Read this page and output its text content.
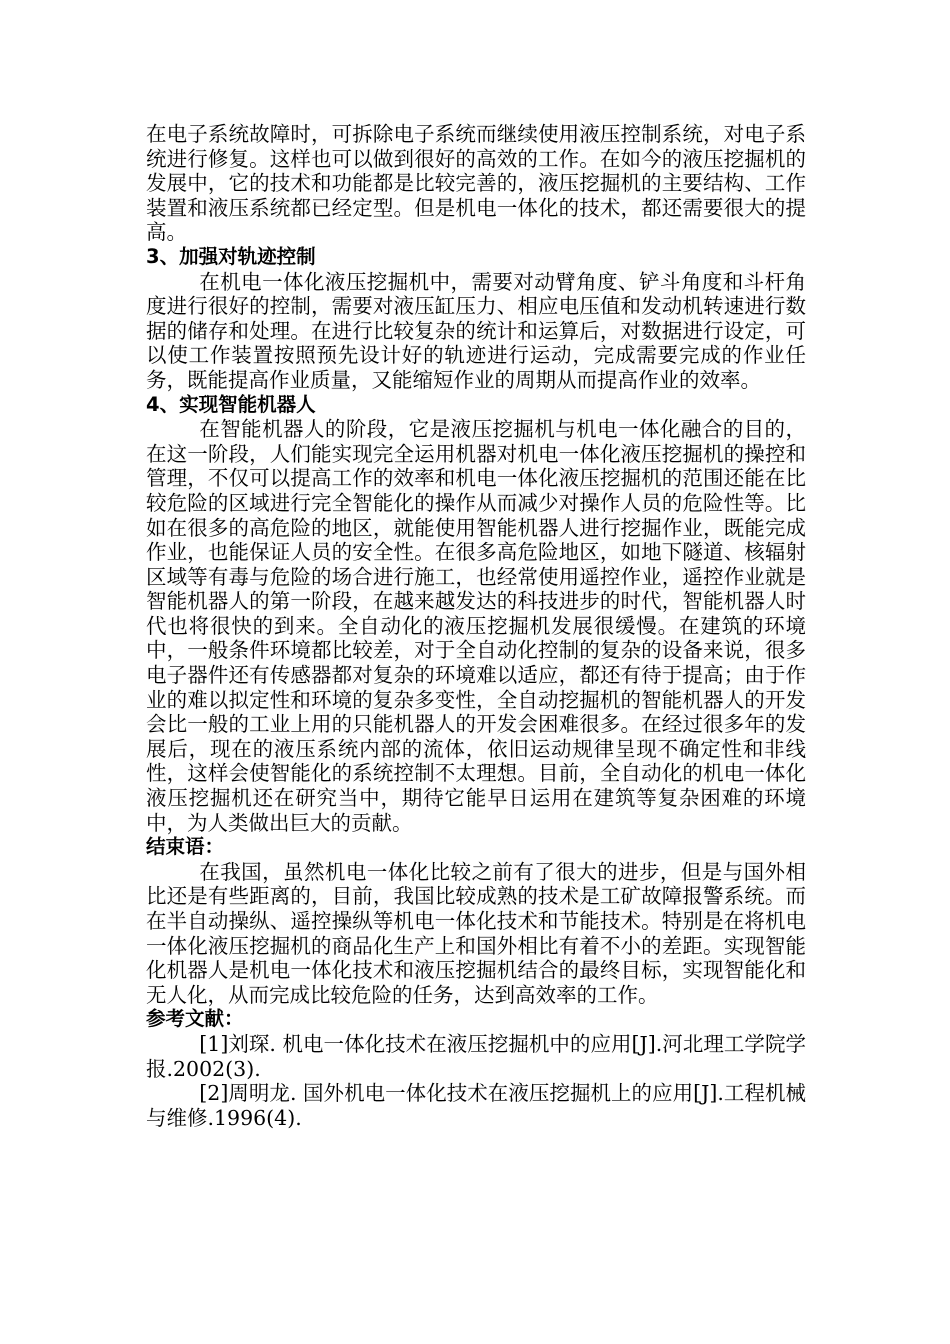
在电子系统故障时，可拆除电子系统而继续使用液压控制系统，对电子系统进行修复。这样也可以做到很好的高效的工作。在如今的液压挖掘机的发展中，它的技术和功能都是比较完善的，液压挖掘机的主要结构、工作装置和液压系统都已经定型。但是机电一体化的技术，都还需要很大的提高。

3、加强对轨迹控制

在机电一体化液压挖掘机中，需要对动臂角度、铲斗角度和斗杆角度进行很好的控制，需要对液压缸压力、相应电压值和发动机转速进行数据的储存和处理。在进行比较复杂的统计和运算后，对数据进行设定，可以使工作装置按照预先设计好的轨迹进行运动，完成需要完成的作业任务，既能提高作业质量，又能缩短作业的周期从而提高作业的效率。

4、实现智能机器人

在智能机器人的阶段，它是液压挖掘机与机电一体化融合的目的，在这一阶段，人们能实现完全运用机器对机电一体化液压挖掘机的操控和管理，不仅可以提高工作的效率和机电一体化液压挖掘机的范围还能在比较危险的区域进行完全智能化的操作从而减少对操作人员的危险性等。比如在很多的高危险的地区，就能使用智能机器人进行挖掘作业，既能完成作业，也能保证人员的安全性。在很多高危险地区，如地下隧道、核辐射区域等有毒与危险的场合进行施工，也经常使用遥控作业，遥控作业就是智能机器人的第一阶段，在越来越发达的科技进步的时代，智能机器人时代也将很快的到来。全自动化的液压挖掘机发展很缓慢。在建筑的环境中，一般条件环境都比较差，对于全自动化控制的复杂的设备来说，很多电子器件还有传感器都对复杂的环境难以适应，都还有待于提高；由于作业的难以拟定性和环境的复杂多变性，全自动挖掘机的智能机器人的开发会比一般的工业上用的只能机器人的开发会困难很多。在经过很多年的发展后，现在的液压系统内部的流体，依旧运动规律呈现不确定性和非线性，这样会使智能化的系统控制不太理想。目前，全自动化的机电一体化液压挖掘机还在研究当中，期待它能早日运用在建筑等复杂困难的环境中，为人类做出巨大的贡献。

结束语：

在我国，虽然机电一体化比较之前有了很大的进步，但是与国外相比还是有些距离的，目前，我国比较成熟的技术是工矿故障报警系统。而在半自动操纵、遥控操纵等机电一体化技术和节能技术。特别是在将机电一体化液压挖掘机的商品化生产上和国外相比有着不小的差距。实现智能化机器人是机电一体化技术和液压挖掘机结合的最终目标，实现智能化和无人化，从而完成比较危险的任务，达到高效率的工作。

参考文献：

[1]刘琛. 机电一体化技术在液压挖掘机中的应用[J].河北理工学院学报.2002(3).

[2]周明龙. 国外机电一体化技术在液压挖掘机上的应用[J].工程机械与维修.1996(4).
